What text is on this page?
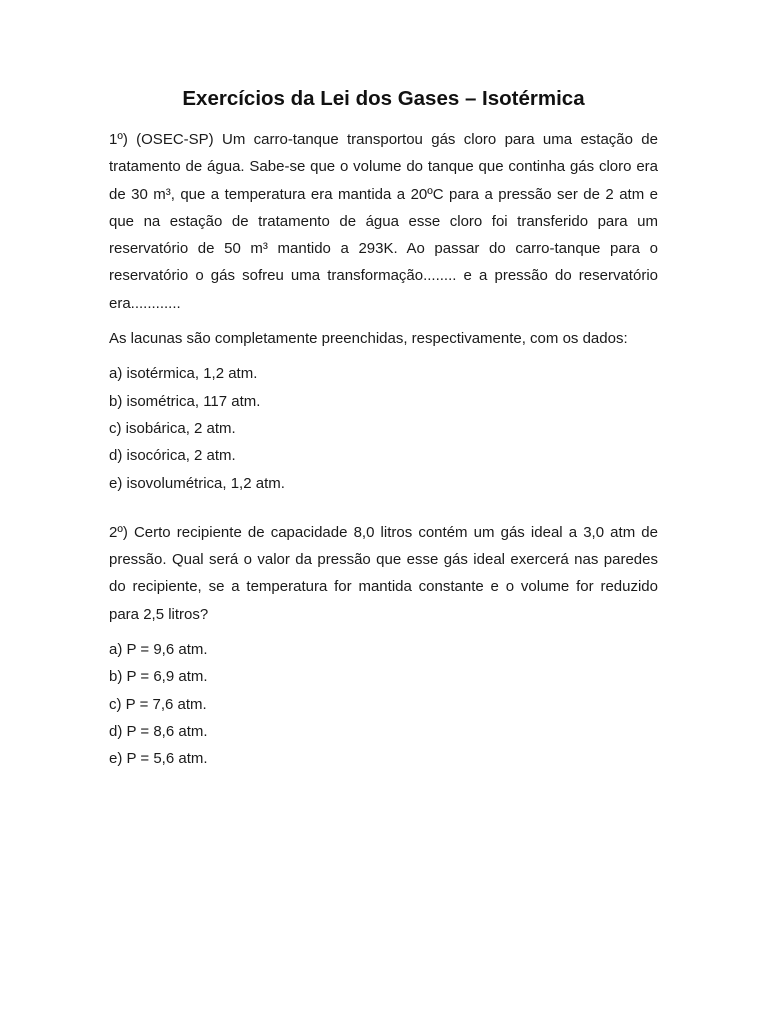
Exercícios da Lei dos Gases – Isotérmica

1º) (OSEC-SP) Um carro-tanque transportou gás cloro para uma estação de tratamento de água. Sabe-se que o volume do tanque que continha gás cloro era de 30 m³, que a temperatura era mantida a 20ºC para a pressão ser de 2 atm e que na estação de tratamento de água esse cloro foi transferido para um reservatório de 50 m³ mantido a 293K. Ao passar do carro-tanque para o reservatório o gás sofreu uma transformação........ e a pressão do reservatório era............

As lacunas são completamente preenchidas, respectivamente, com os dados:

a) isotérmica, 1,2 atm.
b) isométrica, 117 atm.
c) isobárica, 2 atm.
d) isocórica, 2 atm.
e) isovolumétrica, 1,2 atm.

2º) Certo recipiente de capacidade 8,0 litros contém um gás ideal a 3,0 atm de pressão. Qual será o valor da pressão que esse gás ideal exercerá nas paredes do recipiente, se a temperatura for mantida constante e o volume for reduzido para 2,5 litros?

a) P = 9,6 atm.
b) P = 6,9 atm.
c) P = 7,6 atm.
d) P = 8,6 atm.
e) P = 5,6 atm.
